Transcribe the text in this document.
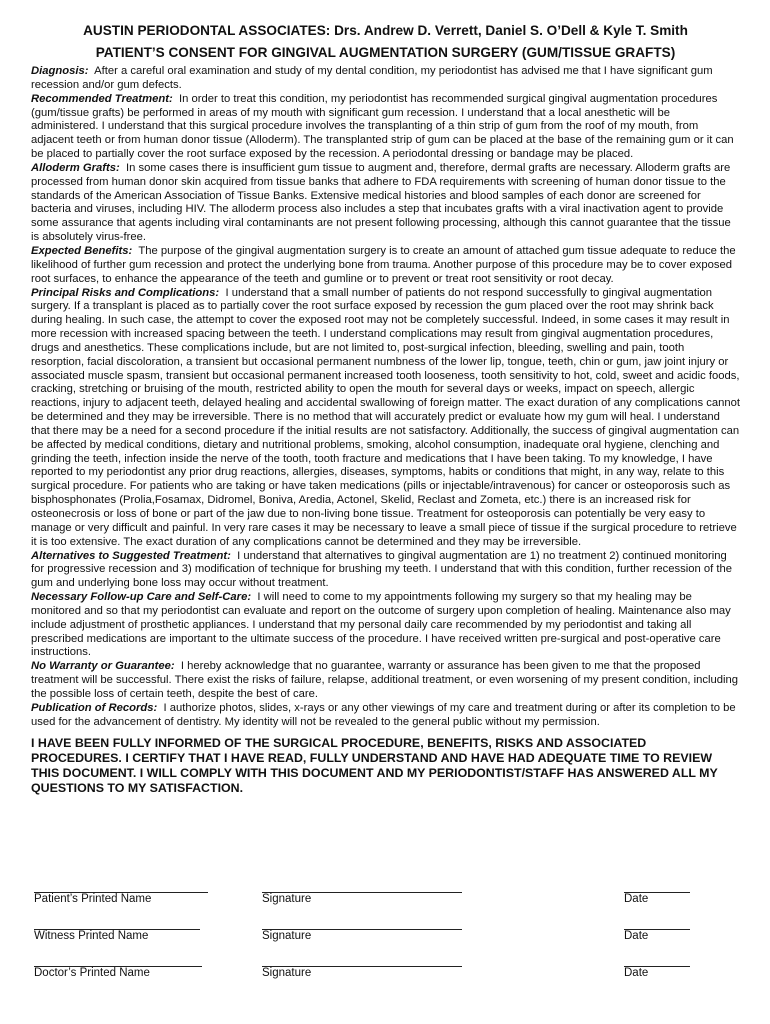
AUSTIN PERIODONTAL ASSOCIATES: Drs. Andrew D. Verrett, Daniel S. O’Dell & Kyle T. Smith
PATIENT’S CONSENT FOR GINGIVAL AUGMENTATION SURGERY (GUM/TISSUE GRAFTS)

Diagnosis: After a careful oral examination and study of my dental condition, my periodontist has advised me that I have significant gum recession and/or gum defects.

Recommended Treatment: In order to treat this condition, my periodontist has recommended surgical gingival augmentation procedures (gum/tissue grafts) be performed in areas of my mouth with significant gum recession. I understand that a local anesthetic will be administered. I understand that this surgical procedure involves the transplanting of a thin strip of gum from the roof of my mouth, from adjacent teeth or from human donor tissue (Alloderm). The transplanted strip of gum can be placed at the base of the remaining gum or it can be placed to partially cover the root surface exposed by the recession. A periodontal dressing or bandage may be placed.

Alloderm Grafts: In some cases there is insufficient gum tissue to augment and, therefore, dermal grafts are necessary. Alloderm grafts are processed from human donor skin acquired from tissue banks that adhere to FDA requirements with screening of human donor tissue to the standards of the American Association of Tissue Banks. Extensive medical histories and blood samples of each donor are screened for bacteria and viruses, including HIV. The alloderm process also includes a step that incubates grafts with a viral inactivation agent to provide some assurance that agents including viral contaminants are not present following processing, although this cannot guarantee that the tissue is absolutely virus-free.

Expected Benefits: The purpose of the gingival augmentation surgery is to create an amount of attached gum tissue adequate to reduce the likelihood of further gum recession and protect the underlying bone from trauma. Another purpose of this procedure may be to cover exposed root surfaces, to enhance the appearance of the teeth and gumline or to prevent or treat root sensitivity or root decay.

Principal Risks and Complications: I understand that a small number of patients do not respond successfully to gingival augmentation surgery. If a transplant is placed as to partially cover the root surface exposed by recession the gum placed over the root may shrink back during healing. In such case, the attempt to cover the exposed root may not be completely successful. Indeed, in some cases it may result in more recession with increased spacing between the teeth. I understand complications may result from gingival augmentation procedures, drugs and anesthetics. These complications include, but are not limited to, post-surgical infection, bleeding, swelling and pain, tooth resorption, facial discoloration, a transient but occasional permanent numbness of the lower lip, tongue, teeth, chin or gum, jaw joint injury or associated muscle spasm, transient but occasional permanent increased tooth looseness, tooth sensitivity to hot, cold, sweet and acidic foods, cracking, stretching or bruising of the mouth, restricted ability to open the mouth for several days or weeks, impact on speech, allergic reactions, injury to adjacent teeth, delayed healing and accidental swallowing of foreign matter. The exact duration of any complications cannot be determined and they may be irreversible. There is no method that will accurately predict or evaluate how my gum will heal. I understand that there may be a need for a second procedure if the initial results are not satisfactory. Additionally, the success of gingival augmentation can be affected by medical conditions, dietary and nutritional problems, smoking, alcohol consumption, inadequate oral hygiene, clenching and grinding the teeth, infection inside the nerve of the tooth, tooth fracture and medications that I have been taking. To my knowledge, I have reported to my periodontist any prior drug reactions, allergies, diseases, symptoms, habits or conditions that might, in any way, relate to this surgical procedure. For patients who are taking or have taken medications (pills or injectable/intravenous) for cancer or osteoporosis such as bisphosphonates (Prolia,Fosamax, Didromel, Boniva, Aredia, Actonel, Skelid, Reclast and Zometa, etc.) there is an increased risk for osteonecrosis or loss of bone or part of the jaw due to non-living bone tissue. Treatment for osteoporosis can potentially be very easy to manage or very difficult and painful. In very rare cases it may be necessary to leave a small piece of tissue if the surgical procedure to retrieve it is too extensive. The exact duration of any complications cannot be determined and they may be irreversible.

Alternatives to Suggested Treatment: I understand that alternatives to gingival augmentation are 1) no treatment 2) continued monitoring for progressive recession and 3) modification of technique for brushing my teeth. I understand that with this condition, further recession of the gum and underlying bone loss may occur without treatment.

Necessary Follow-up Care and Self-Care: I will need to come to my appointments following my surgery so that my healing may be monitored and so that my periodontist can evaluate and report on the outcome of surgery upon completion of healing. Maintenance also may include adjustment of prosthetic appliances. I understand that my personal daily care recommended by my periodontist and taking all prescribed medications are important to the ultimate success of the procedure. I have received written pre-surgical and post-operative care instructions.

No Warranty or Guarantee: I hereby acknowledge that no guarantee, warranty or assurance has been given to me that the proposed treatment will be successful. There exist the risks of failure, relapse, additional treatment, or even worsening of my present condition, including the possible loss of certain teeth, despite the best of care.

Publication of Records: I authorize photos, slides, x-rays or any other viewings of my care and treatment during or after its completion to be used for the advancement of dentistry. My identity will not be revealed to the general public without my permission.

I HAVE BEEN FULLY INFORMED OF THE SURGICAL PROCEDURE, BENEFITS, RISKS AND ASSOCIATED PROCEDURES. I CERTIFY THAT I HAVE READ, FULLY UNDERSTAND AND HAVE HAD ADEQUATE TIME TO REVIEW THIS DOCUMENT. I WILL COMPLY WITH THIS DOCUMENT AND MY PERIODONTIST/STAFF HAS ANSWERED ALL MY QUESTIONS TO MY SATISFACTION.
Patient’s Printed Name	Signature	Date
Witness Printed Name	Signature	Date
Doctor’s Printed Name	Signature	Date
